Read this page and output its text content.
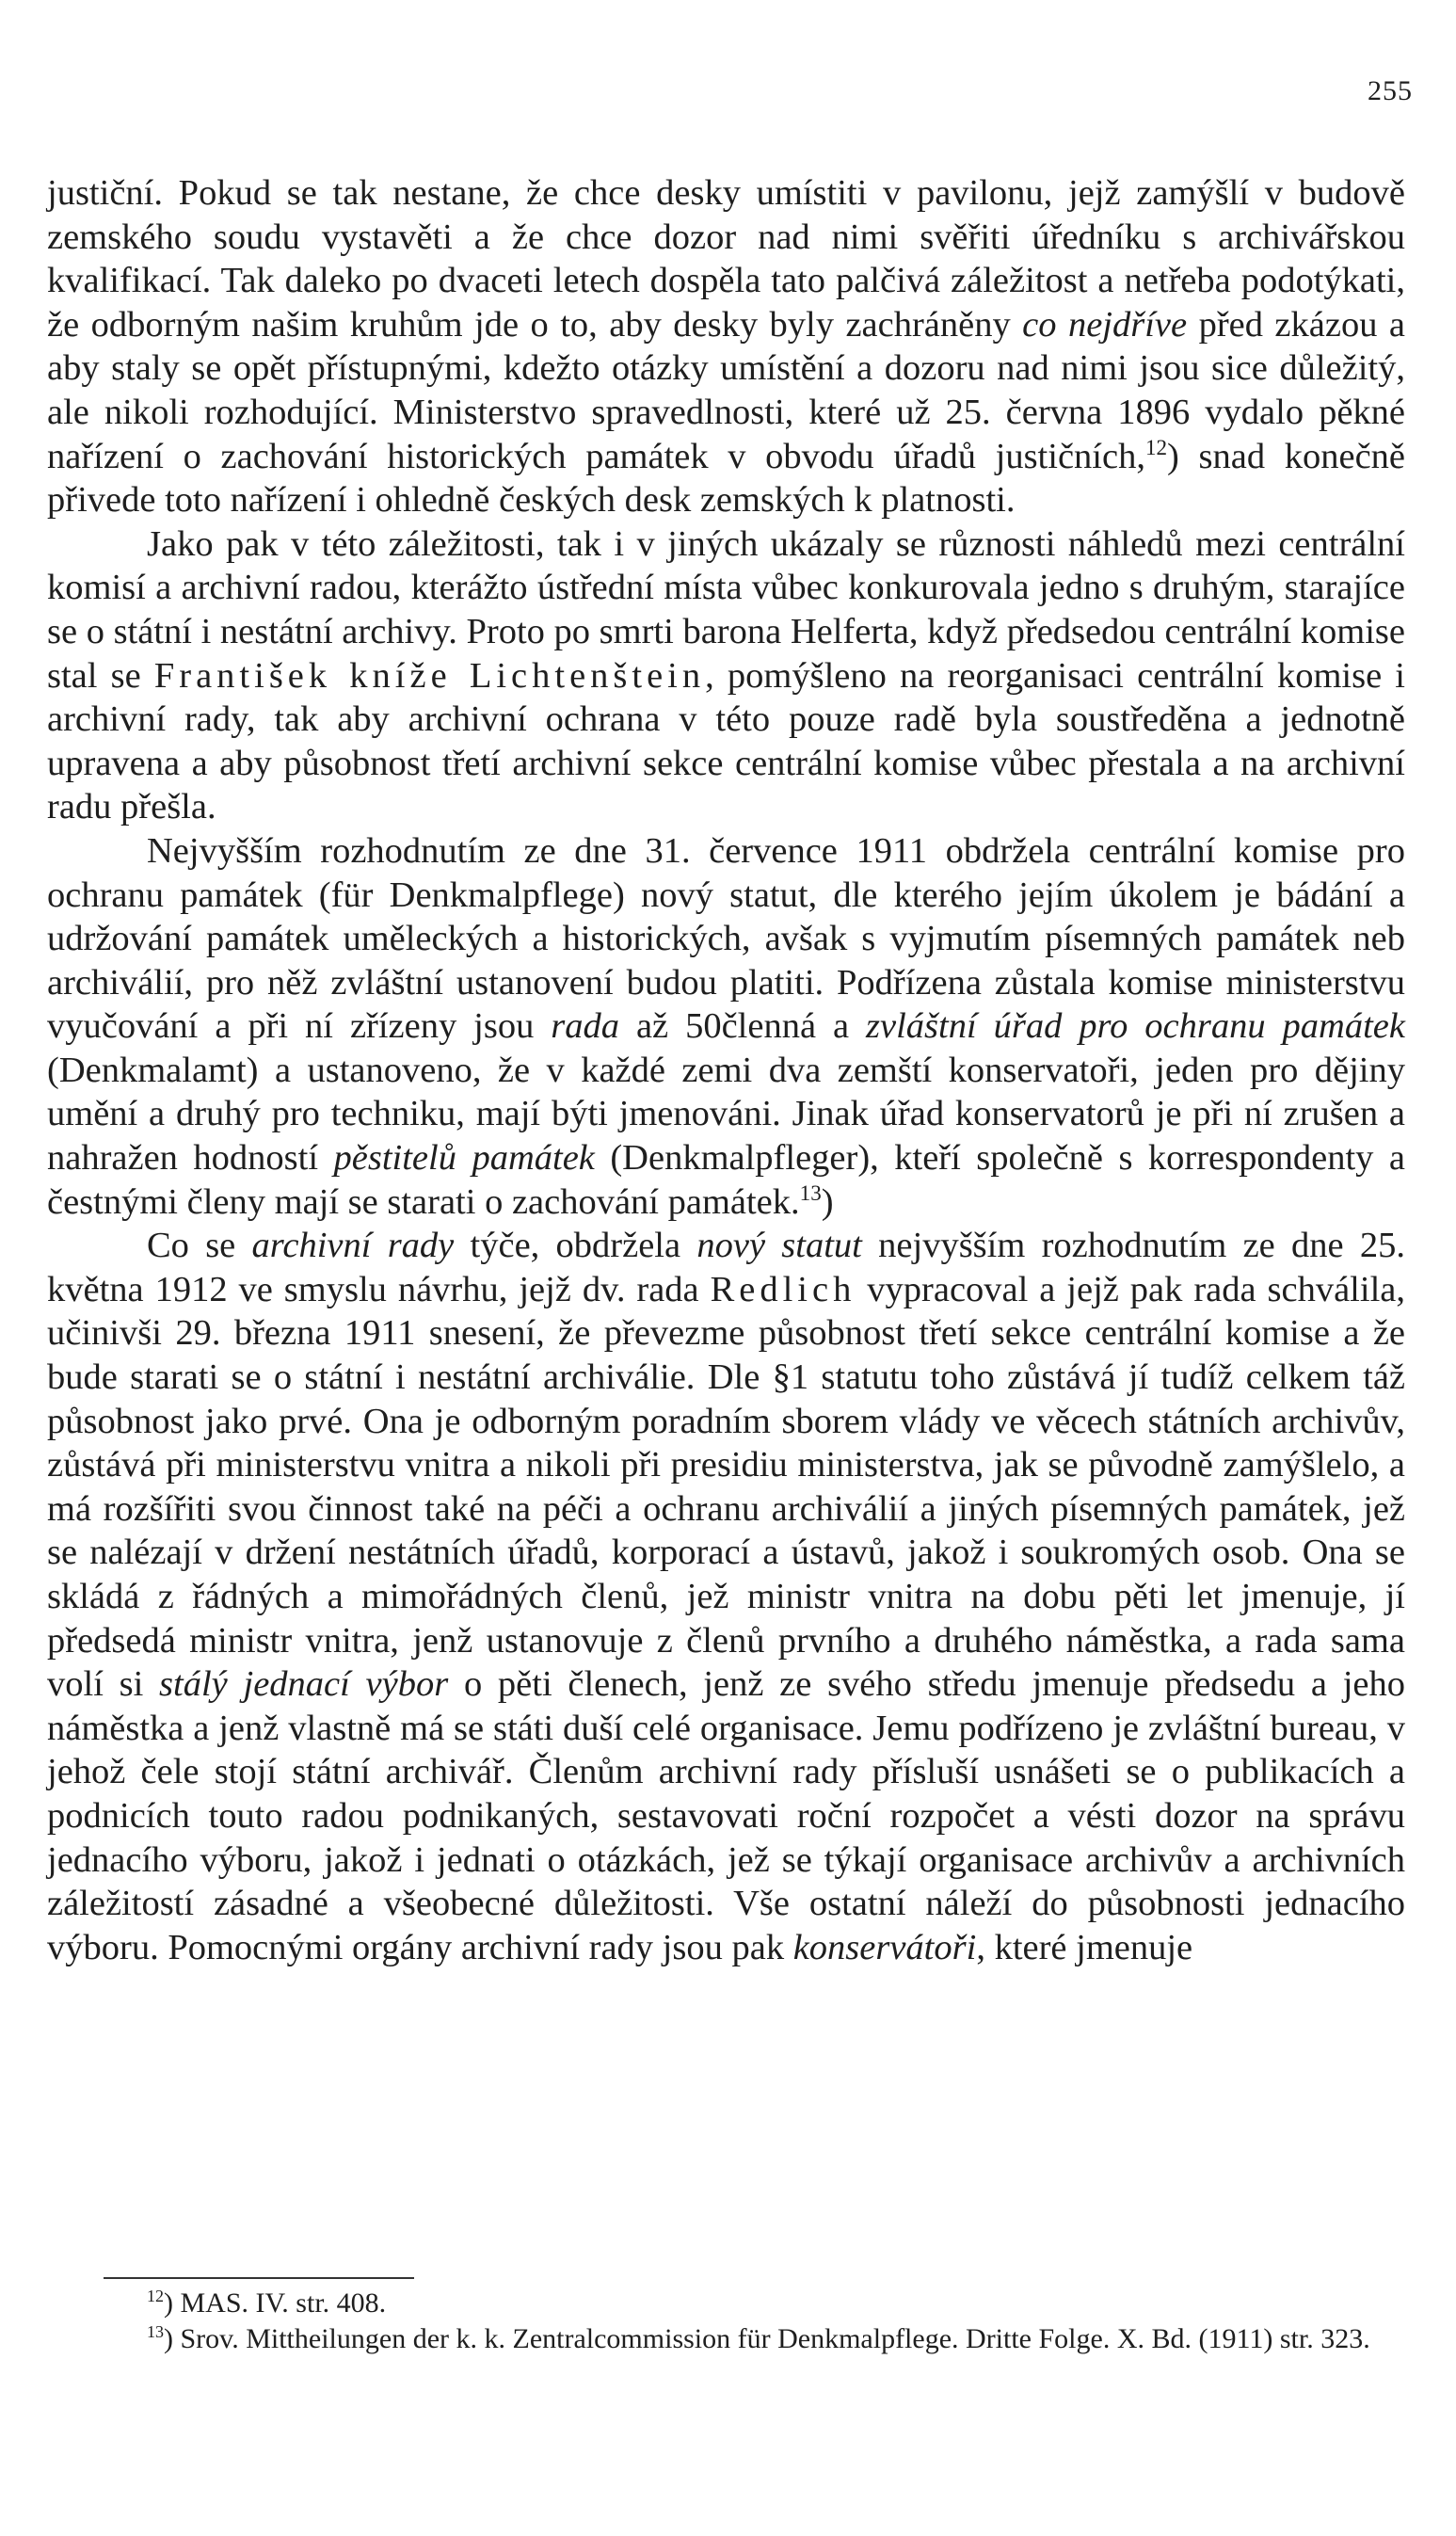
255

justiční. Pokud se tak nestane, že chce desky umístiti v pavilonu, jejž zamýšlí v budově zemského soudu vystavěti a že chce dozor nad nimi svěřiti úředníku s archivářskou kvalifikací. Tak daleko po dvaceti letech dospěla tato palčivá záležitost a netřeba podotýkati, že odborným našim kruhům jde o to, aby desky byly zachráněny co nejdříve před zkázou a aby staly se opět přístupnými, kdežto otázky umístění a dozoru nad nimi jsou sice důležitý, ale nikoli rozhodující. Ministerstvo spravedlnosti, které už 25. června 1896 vydalo pěkné nařízení o zachování historických památek v obvodu úřadů justičních,$^{12}$) snad konečně přivede toto nařízení i ohledně českých desk zemských k platnosti.

Jako pak v této záležitosti, tak i v jiných ukázaly se různosti náhledů mezi centrální komisí a archivní radou, kterážto ústřední místa vůbec konkurovala jedno s druhým, starajíce se o státní i nestátní archivy. Proto po smrti barona Helferta, když předsedou centrální komise stal se František kníže Lichtenštein, pomýšleno na reorganisaci centrální komise i archivní rady, tak aby archivní ochrana v této pouze radě byla soustředěna a jednotně upravena a aby působnost třetí archivní sekce centrální komise vůbec přestala a na archivní radu přešla.

Nejvyšším rozhodnutím ze dne 31. července 1911 obdržela centrální komise pro ochranu památek (für Denkmalpflege) nový statut, dle kterého jejím úkolem je bádání a udržování památek uměleckých a historických, avšak s vyjmutím písemných památek neb archiválií, pro něž zvláštní ustanovení budou platiti. Podřízena zůstala komise ministerstvu vyučování a při ní zřízeny jsou rada až 50členná a zvláštní úřad pro ochranu památek (Denkmalamt) a ustanoveno, že v každé zemi dva zemští konservatoři, jeden pro dějiny umění a druhý pro techniku, mají býti jmenováni. Jinak úřad konservatorů je při ní zrušen a nahražen hodností pěstitelů památek (Denkmalpfleger), kteří společně s korrespondenty a čestnými členy mají se starati o zachování památek.$^{13}$)

Co se archivní rady týče, obdržela nový statut nejvyšším rozhodnutím ze dne 25. května 1912 ve smyslu návrhu, jejž dv. rada Redlich vypracoval a jejž pak rada schválila, učinivši 29. března 1911 snesení, že převezme působnost třetí sekce centrální komise a že bude starati se o státní i nestátní archiválie. Dle §1 statutu toho zůstává jí tudíž celkem táž působnost jako prvé. Ona je odborným poradním sborem vlády ve věcech státních archivův, zůstává při ministerstvu vnitra a nikoli při presidiu ministerstva, jak se původně zamýšlelo, a má rozšířiti svou činnost také na péči a ochranu archiválií a jiných písemných památek, jež se nalézají v držení nestátních úřadů, korporací a ústavů, jakož i soukromých osob. Ona se skládá z řádných a mimořádných členů, jež ministr vnitra na dobu pěti let jmenuje, jí předsedá ministr vnitra, jenž ustanovuje z členů prvního a druhého náměstka, a rada sama volí si stálý jednací výbor o pěti členech, jenž ze svého středu jmenuje předsedu a jeho náměstka a jenž vlastně má se státi duší celé organisace. Jemu podřízeno je zvláštní bureau, v jehož čele stojí státní archivář. Členům archivní rady přísluší usnášeti se o publikacích a podnicích touto radou podnikaných, sestavovati roční rozpočet a vésti dozor na správu jednacího výboru, jakož i jednati o otázkách, jež se týkají organisace archivův a archivních záležitostí zásadné a všeobecné důležitosti. Vše ostatní náleží do působnosti jednacího výboru. Pomocnými orgány archivní rady jsou pak konservátoři, které jmenuje

$^{12}$) MAS. IV. str. 408.

$^{13}$) Srov. Mittheilungen der k. k. Zentralcommission für Denkmalpflege. Dritte Folge. X. Bd. (1911) str. 323.
